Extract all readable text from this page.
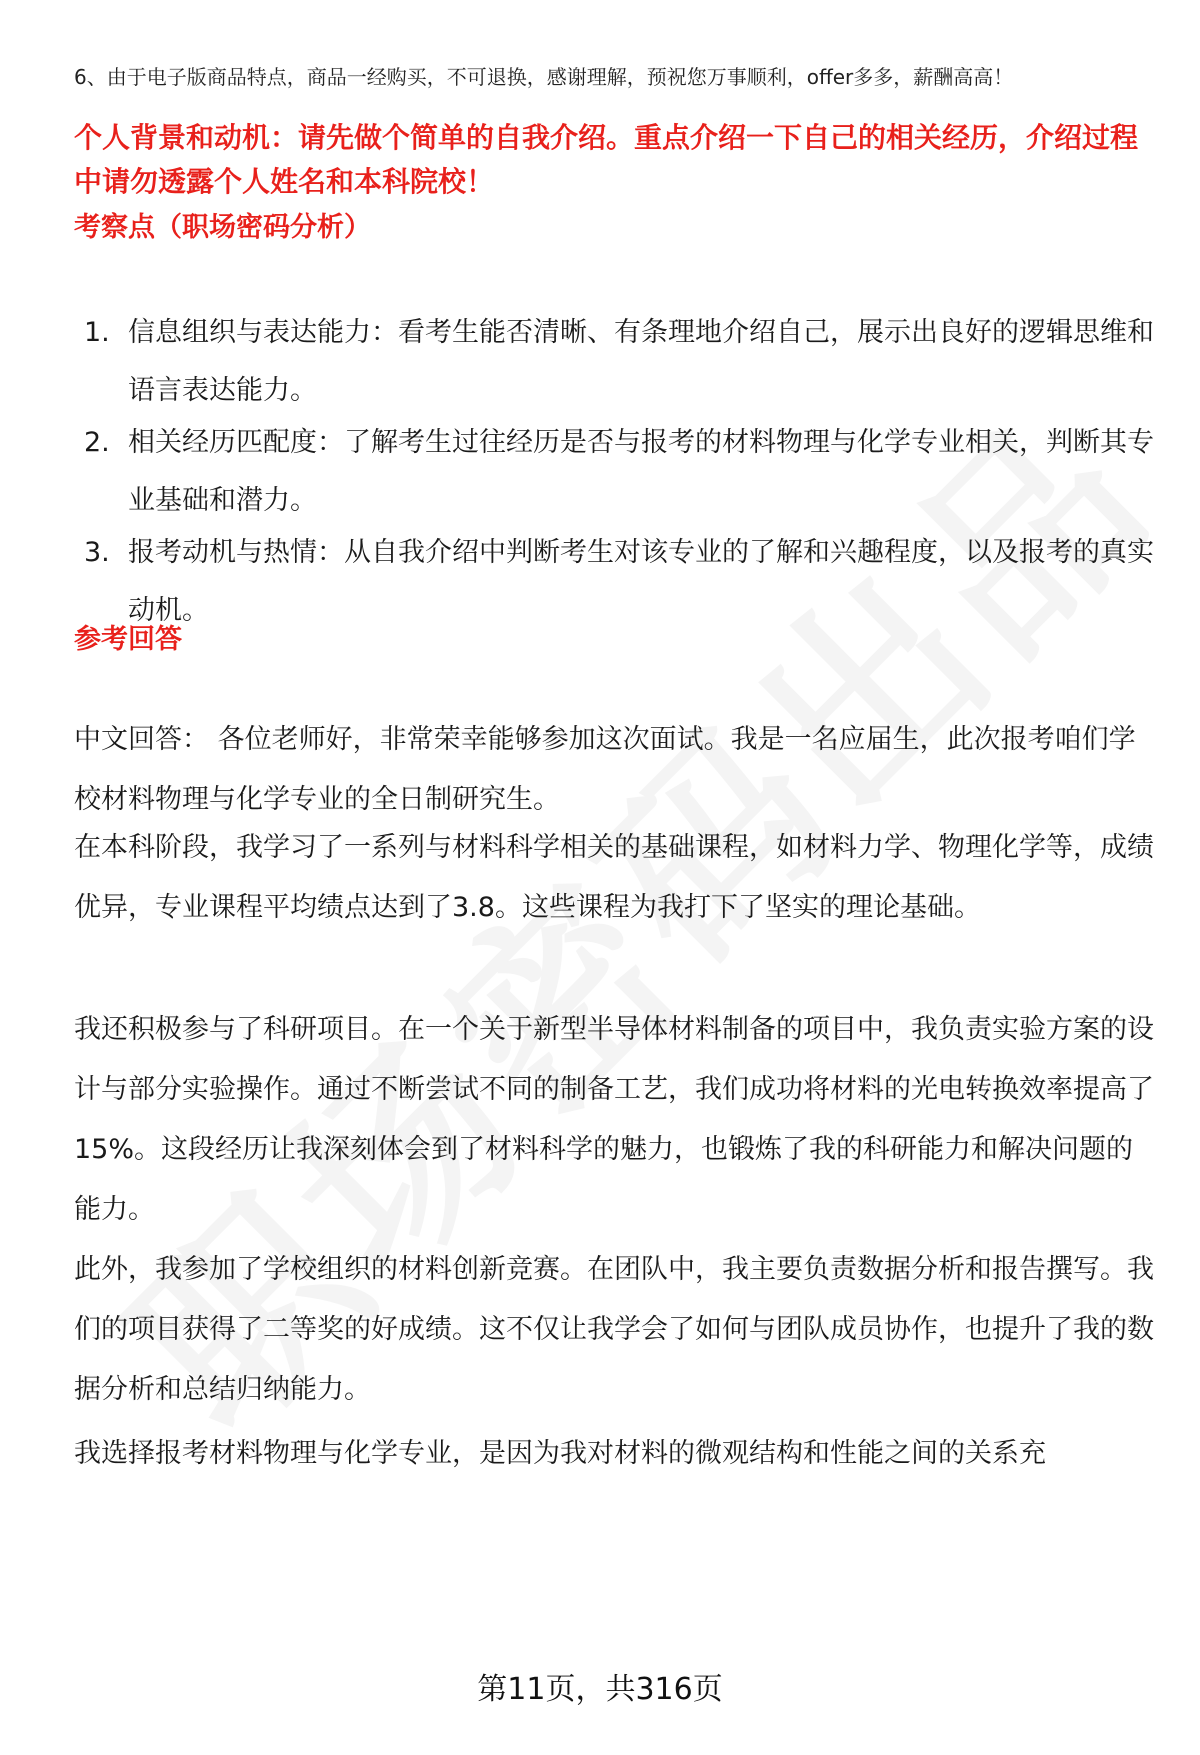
6、由于电子版商品特点，商品一经购买，不可退换，感谢理解，预祝您万事顺利，offer多多，薪酬高高！
个人背景和动机：请先做个简单的自我介绍。重点介绍一下自己的相关经历，介绍过程中请勿透露个人姓名和本科院校！
考察点（职场密码分析）
1. 信息组织与表达能力：看考生能否清晰、有条理地介绍自己，展示出良好的逻辑思维和语言表达能力。
2. 相关经历匹配度：了解考生过往经历是否与报考的材料物理与化学专业相关，判断其专业基础和潜力。
3. 报考动机与热情：从自我介绍中判断考生对该专业的了解和兴趣程度，以及报考的真实动机。
参考回答
中文回答： 各位老师好，非常荣幸能够参加这次面试。我是一名应届生，此次报考咱们学校材料物理与化学专业的全日制研究生。
在本科阶段，我学习了一系列与材料科学相关的基础课程，如材料力学、物理化学等，成绩优异，专业课程平均绩点达到了3.8。这些课程为我打下了坚实的理论基础。
我还积极参与了科研项目。在一个关于新型半导体材料制备的项目中，我负责实验方案的设计与部分实验操作。通过不断尝试不同的制备工艺，我们成功将材料的光电转换效率提高了15%。这段经历让我深刻体会到了材料科学的魅力，也锻炼了我的科研能力和解决问题的能力。
此外，我参加了学校组织的材料创新竞赛。在团队中，我主要负责数据分析和报告撰写。我们的项目获得了二等奖的好成绩。这不仅让我学会了如何与团队成员协作，也提升了我的数据分析和总结归纳能力。
我选择报考材料物理与化学专业，是因为我对材料的微观结构和性能之间的关系充
第11页，共316页
